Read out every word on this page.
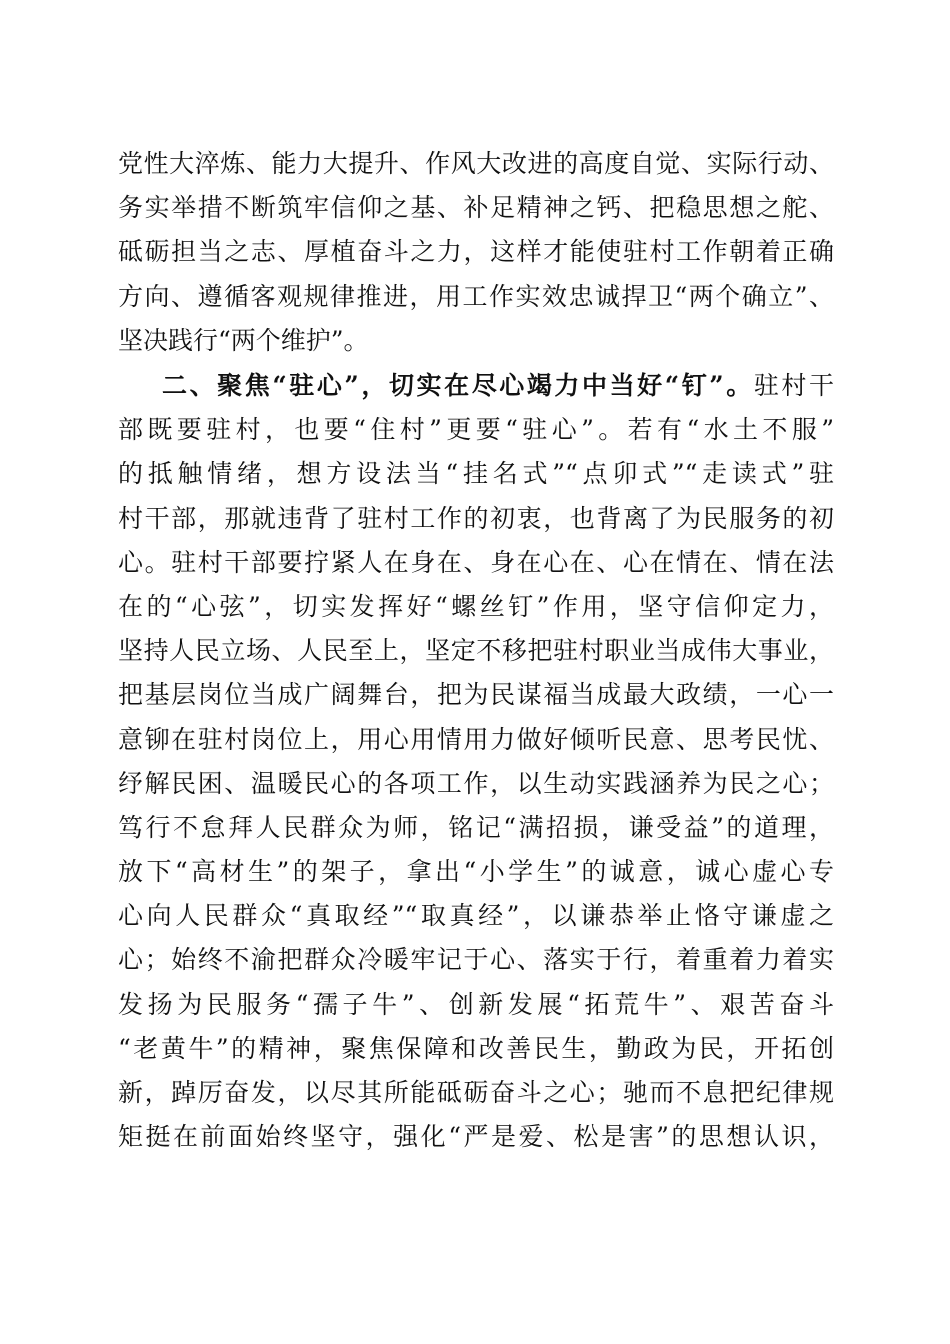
党性大淬炼、能力大提升、作风大改进的高度自觉、实际行动、
务实举措不断筑牢信仰之基、补足精神之钙、把稳思想之舵、
砥砺担当之志、厚植奋斗之力，这样才能使驻村工作朝着正确
方向、遵循客观规律推进，用工作实效忠诚捍卫“两个确立”、
坚决践行“两个维护”。
二、聚焦“驻心”，切实在尽心竭力中当好“钉”。驻村干
部既要驻村，也要“住村”更要“驻心”。若有“水土不服”
的抵触情绪，想方设法当“挂名式”“点卯式”“走读式”驻
村干部，那就违背了驻村工作的初衷，也背离了为民服务的初
心。驻村干部要拧紧人在身在、身在心在、心在情在、情在法
在的“心弦”，切实发挥好“螺丝钉”作用，坚守信仰定力，
坚持人民立场、人民至上，坚定不移把驻村职业当成伟大事业，
把基层岗位当成广阔舞台，把为民谋福当成最大政绩，一心一
意铆在驻村岗位上，用心用情用力做好倾听民意、思考民忧、
纾解民困、温暖民心的各项工作，以生动实践涵养为民之心；
笃行不怠拜人民群众为师，铭记“满招损，谦受益”的道理，
放下“高材生”的架子，拿出“小学生”的诚意，诚心虚心专
心向人民群众“真取经”“取真经”，以谦恭举止恪守谦虚之
心；始终不渝把群众冷暖牢记于心、落实于行，着重着力着实
发扬为民服务“孺子牛”、创新发展“拓荒牛”、艰苦奋斗
“老黄牛”的精神，聚焦保障和改善民生，勤政为民，开拓创
新，踔厉奋发，以尽其所能砥砺奋斗之心；驰而不息把纪律规
矩挺在前面始终坚守，强化“严是爱、松是害”的思想认识，
